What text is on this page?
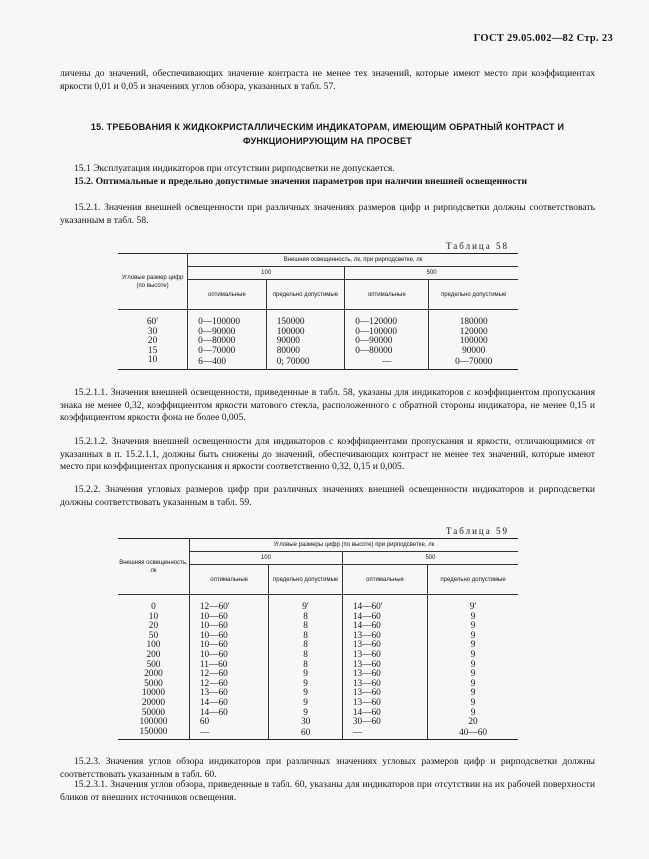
ГОСТ 29.05.002—82 Стр. 23
личены до значений, обеспечивающих значение контраста не менее тех значений, которые имеют место при коэффициентах яркости 0,01 и 0,05 и значениях углов обзора, указанных в табл. 57.
15. ТРЕБОВАНИЯ К ЖИДКОКРИСТАЛЛИЧЕСКИМ ИНДИКАТОРАМ, ИМЕЮЩИМ ОБРАТНЫЙ КОНТРАСТ И ФУНКЦИОНИРУЮЩИМ НА ПРОСВЕТ
15.1 Эксплуатация индикаторов при отсутствии рирподсветки не допускается.
15.2. Оптимальные и предельно допустимые значения параметров при наличии внешней освещенности
15.2.1. Значения внешней освещенности при различных значениях размеров цифр и рирподсветки должны соответствовать указанным в табл. 58.
Таблица 58
Угловые размер цифр (по высоте)	Внешняя освещенность, лк, при рирподсветке, лк			
	100		500	
	оптимальные	предельно допустимые	оптимальные	предельно допустимые

60′	0—100000	150000	0—120000	180000
30	0—90000	100000	0—100000	120000
20	0—80000	90000	0—90000	100000
15	0—70000	80000	0—80000	90000
10	6—400	0; 70000	—	0—70000
15.2.1.1. Значения внешней освещенности, приведенные в табл. 58, указаны для индикаторов с коэффициентом пропускания знака не менее 0,32, коэффициентом яркости матового стекла, расположенного с обратной стороны индикатора, не менее 0,15 и коэффициентом яркости фона не более 0,005.
15.2.1.2. Значения внешней освещенности для индикаторов с коэффициентами пропускания и яркости, отличающимися от указанных в п. 15.2.1.1, должны быть снижены до значений, обеспечивающих контраст не менее тех значений, которые имеют место при коэффициентах пропускания и яркости соответственно 0,32, 0,15 и 0,005.
15.2.2. Значения угловых размеров цифр при различных значениях внешней освещенности индикаторов и рирподсветки должны соответствовать указанным в табл. 59.
Таблица 59
Внешняя освещенность, лк	Угловые размеры цифр (по высоте) при рирподсветке, лк			
	100		500	
	оптимальные	предельно допустимые	оптимальные	предельно допустимые

0	12—60′	9′	14—60′	9′
10	10—60	8	14—60	9
20	10—60	8	14—60	9
50	10—60	8	13—60	9
100	10—60	8	13—60	9
200	10—60	8	13—60	9
500	11—60	8	13—60	9
2000	12—60	9	13—60	9
5000	12—60	9	13—60	9
10000	13—60	9	13—60	9
20000	14—60	9	13—60	9
50000	14—60	9	14—60	9
100000	60	30	30—60	20
150000	—	60	—	40—60
15.2.3. Значения углов обзора индикаторов при различных значениях угловых размеров цифр и рирподсветки должны соответствовать указанным в табл. 60.
15.2.3.1. Значения углов обзора, приведенные в табл. 60, указаны для индикаторов при отсутствии на их рабочей поверхности бликов от внешних источников освещения.
